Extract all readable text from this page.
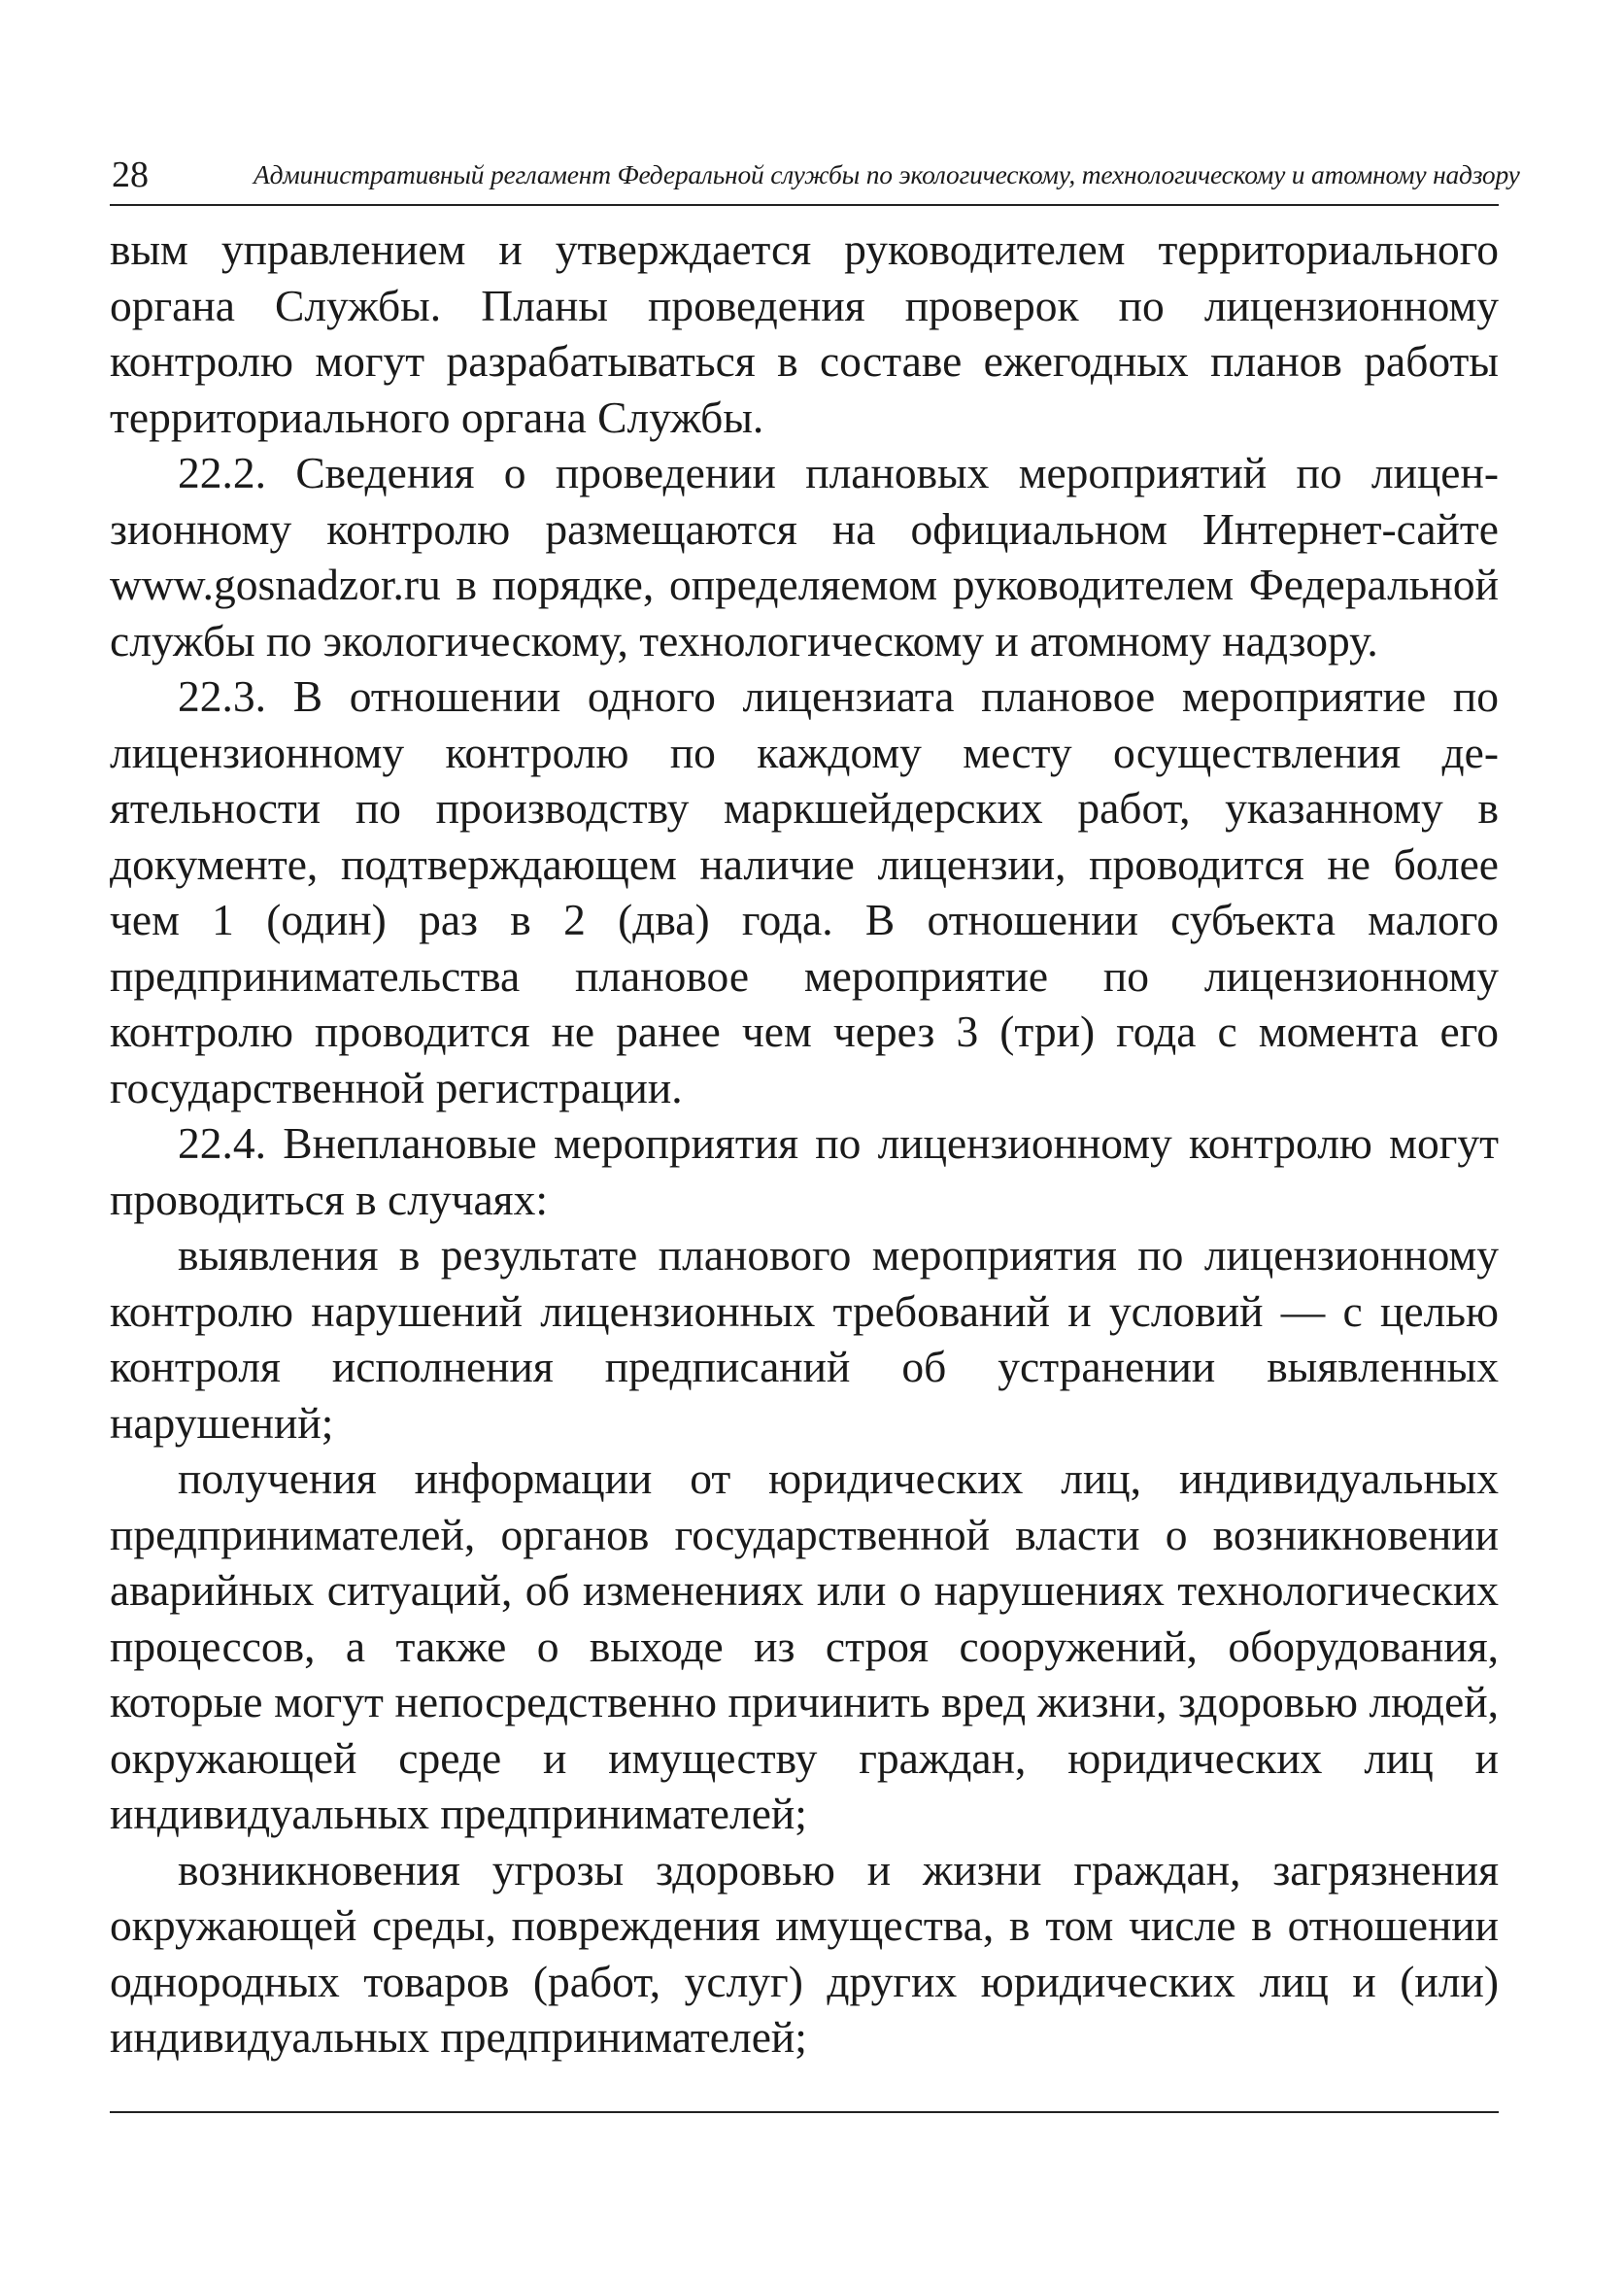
28	Административный регламент Федеральной службы по экологическому, технологическому и атомному надзору

вым управлением и утверждается руководителем территориального органа Службы. Планы проведения проверок по лицензионному контролю могут разрабатываться в составе ежегодных планов работы территориального органа Службы.

22.2. Сведения о проведении плановых мероприятий по лицензионному контролю размещаются на официальном Интернет-сайте www.gosnadzor.ru в порядке, определяемом руководителем Федеральной службы по экологическому, технологическому и атомному надзору.

22.3. В отношении одного лицензиата плановое мероприятие по лицензионному контролю по каждому месту осуществления деятельности по производству маркшейдерских работ, указанному в документе, подтверждающем наличие лицензии, проводится не более чем 1 (один) раз в 2 (два) года. В отношении субъекта малого предпринимательства плановое мероприятие по лицензионному контролю проводится не ранее чем через 3 (три) года с момента его государственной регистрации.

22.4. Внеплановые мероприятия по лицензионному контролю могут проводиться в случаях:

выявления в результате планового мероприятия по лицензионному контролю нарушений лицензионных требований и условий — с целью контроля исполнения предписаний об устранении выявленных нарушений;

получения информации от юридических лиц, индивидуальных предпринимателей, органов государственной власти о возникновении аварийных ситуаций, об изменениях или о нарушениях технологических процессов, а также о выходе из строя сооружений, оборудования, которые могут непосредственно причинить вред жизни, здоровью людей, окружающей среде и имуществу граждан, юридических лиц и индивидуальных предпринимателей;

возникновения угрозы здоровью и жизни граждан, загрязнения окружающей среды, повреждения имущества, в том числе в отношении однородных товаров (работ, услуг) других юридических лиц и (или) индивидуальных предпринимателей;
